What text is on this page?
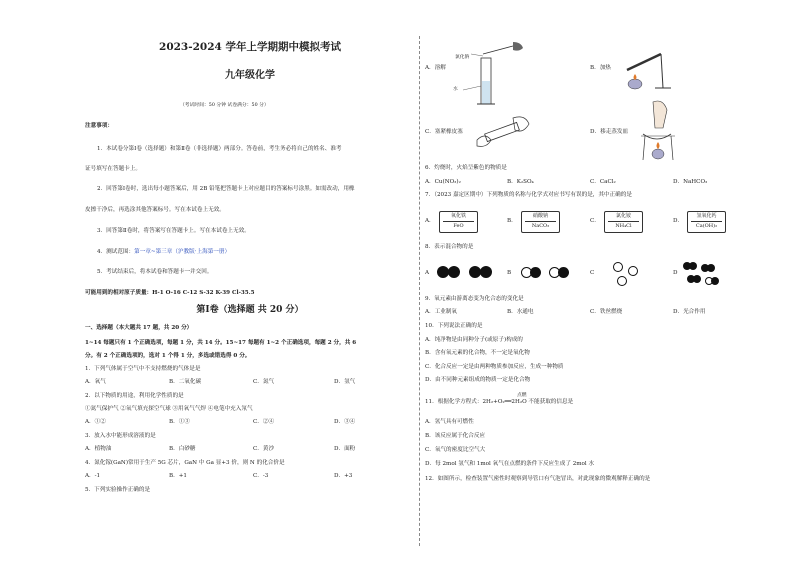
2023-2024 学年上学期期中模拟考试
九年级化学
（考试时间：50 分钟 试卷满分：50 分）
注意事项：
1．本试卷分第Ⅰ卷（选择题）和第Ⅱ卷（非选择题）两部分。答卷前，考生务必将自己的姓名、准考
证号填写在答题卡上。
2．回答第Ⅰ卷时，选出每小题答案后，用 2B 铅笔把答题卡上对应题目的答案标号涂黑。如需改动，用橡
皮擦干净后，再选涂其他答案标号。写在本试卷上无效。
3．回答第Ⅱ卷时，将答案写在答题卡上。写在本试卷上无效。
4．测试范围：第一章~第三章（沪教版·上海第一册）
5．考试结束后，将本试卷和答题卡一并交回。
可能用到的相对原子质量：H-1 O-16 C-12 S-32 K-39 Cl-35.5
第Ⅰ卷（选择题 共 20 分）
一、选择题（本大题共 17 题，共 20 分）
1~14 每题只有 1 个正确选项，每题 1 分，共 14 分。15~17 每题有 1~2 个正确选项，每题 2 分，共 6
分。有 2 个正确选项的，选对 1 个得 1 分，多选或错选得 0 分。
1．下列气体属于空气中不支持燃烧的气体是是
A．氧气	B．二氧化碳	C．氮气	D．氢气
2．以下物质的用途，利用化学性质的是
①氮气保护气 ②氧气填充探空气球 ③用氧气气焊 ④电笔中充入氖气
A．①②	B．①③	C．②④	D．③④
3．放入水中能形成溶液的是
A．植物油	B．白砂糖	C．黄沙	D．面粉
4．氮化镓(GaN)常用于生产 5G 芯片，GaN 中 Ga 显+3 价，则 N 的化合价是
A．-1	B．+1	C．-3	D．+3
5．下列实验操作正确的是
氯化钠
水
A．溶解	B．加热
C．塞紧橡皮塞	D．移走蒸发皿
6．灼烧时，火焰呈紫色的物质是
A．Cu(NO₃)₂	B．K₂SO₄	C．CaCl₂	D．NaHCO₃
7．（2023 嘉定区期中）下列物质的名称与化学式对应书写有误的是，其中正确的是
A．
氧化铁
FeO
B．
硝酸钠
NaCO₃
C．
氯化铵
NH₄Cl
D．
氢氧化钙
Ca(OH)₂
8．表示混合物的是
A	B	C	D
9．氧元素由游离态变为化合态的变化是
A．工业制氧	B．水通电	C．铁丝燃烧	D．光合作用
10．下列说法正确的是
A．纯净物是由同种分子(或原子)构成的
B．含有氧元素的化合物，不一定是氧化物
C．化合反应一定是由两种物质参加反应，生成一种物质
D．由不同种元素组成的物质一定是化合物
点燃
11．根据化学方程式：2H₂+O₂══2H₂O 不能获取的信息是
A．氢气具有可燃性
B．该反应属于化合反应
C．氧气的密度比空气大
D．每 2mol 氢气和 1mol 氧气在点燃的条件下反应生成了 2mol 水
12．如图所示，检查装置气密性时观察到导管口有气泡冒出，对此现象的微观解释正确的是
